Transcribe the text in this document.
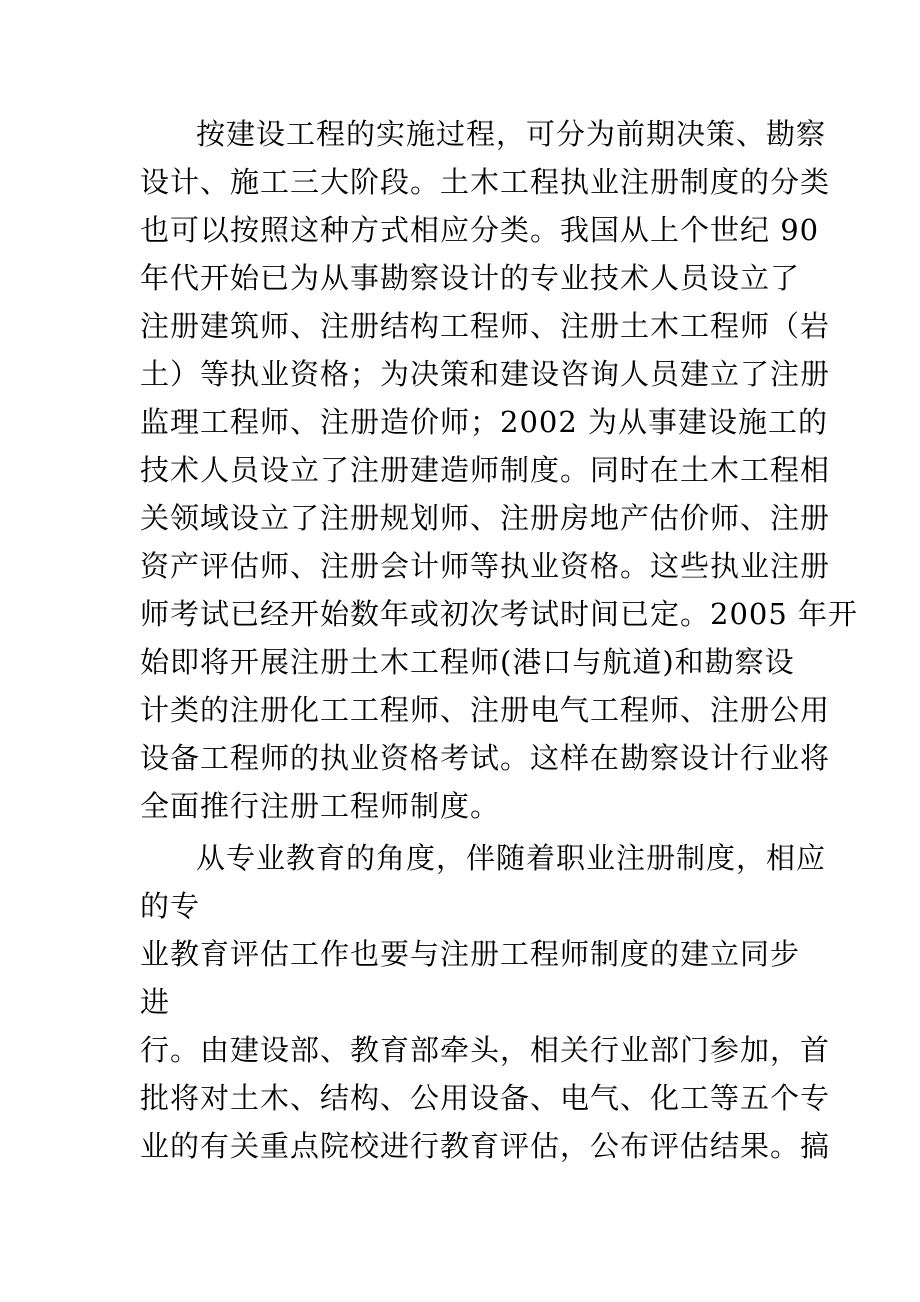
按建设工程的实施过程，可分为前期决策、勘察
设计、施工三大阶段。土木工程执业注册制度的分类
也可以按照这种方式相应分类。我国从上个世纪 90
年代开始已为从事勘察设计的专业技术人员设立了
注册建筑师、注册结构工程师、注册土木工程师（岩
土）等执业资格；为决策和建设咨询人员建立了注册
监理工程师、注册造价师；2002 为从事建设施工的
技术人员设立了注册建造师制度。同时在土木工程相
关领域设立了注册规划师、注册房地产估价师、注册
资产评估师、注册会计师等执业资格。这些执业注册
师考试已经开始数年或初次考试时间已定。2005 年开
始即将开展注册土木工程师(港口与航道)和勘察设
计类的注册化工工程师、注册电气工程师、注册公用
设备工程师的执业资格考试。这样在勘察设计行业将
全面推行注册工程师制度。
从专业教育的角度，伴随着职业注册制度，相应
的专
业教育评估工作也要与注册工程师制度的建立同步
进
行。由建设部、教育部牵头，相关行业部门参加，首
批将对土木、结构、公用设备、电气、化工等五个专
业的有关重点院校进行教育评估，公布评估结果。搞
